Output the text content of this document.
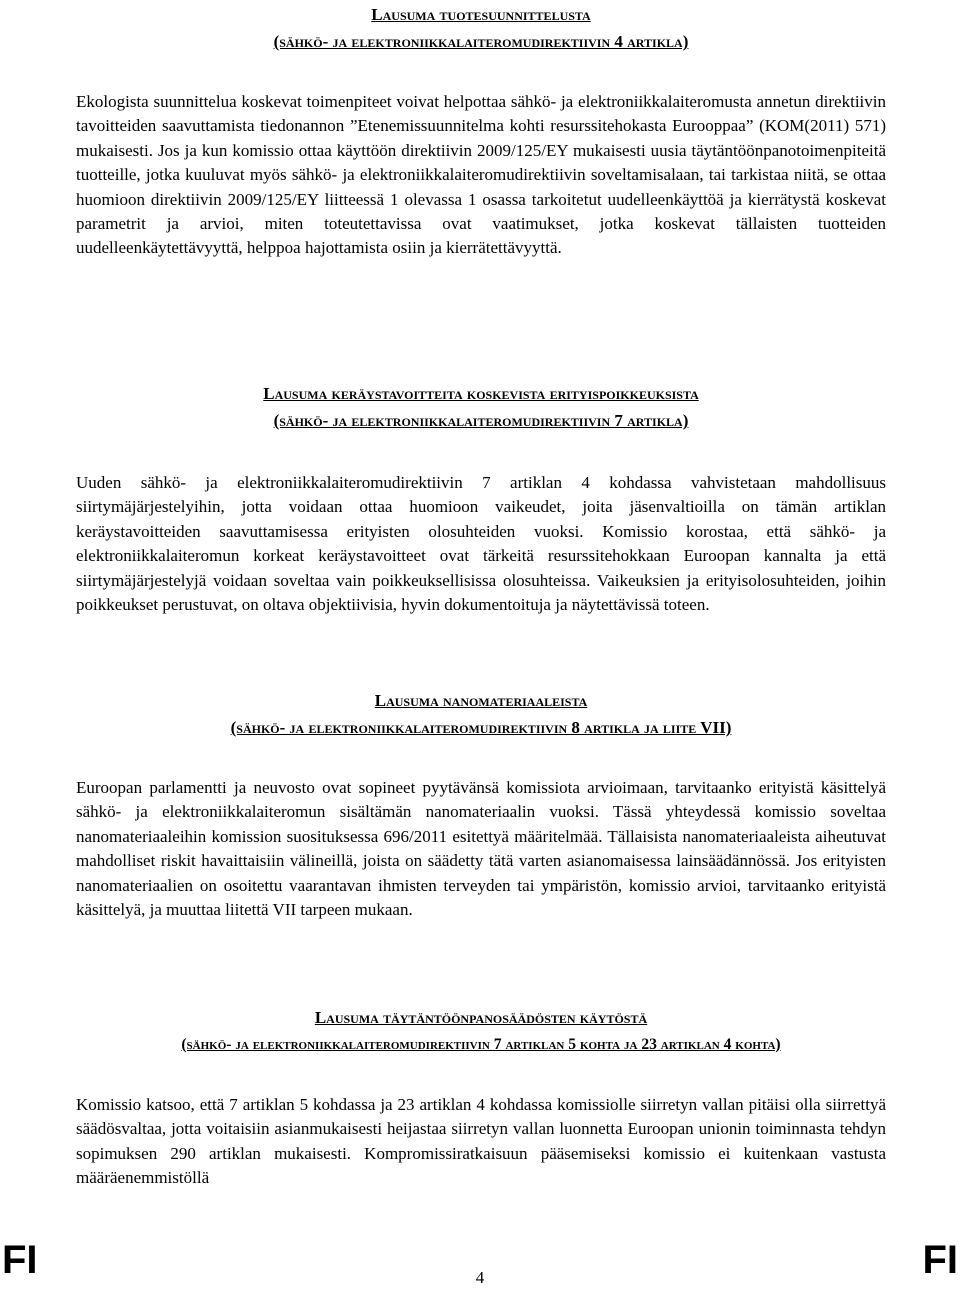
Lausuma tuotesuunnittelusta
(sähkö- ja elektroniikkalaiteromudirektiivin 4 artikla)

Ekologista suunnittelua koskevat toimenpiteet voivat helpottaa sähkö- ja elektroniikkalaiteromusta annetun direktiivin tavoitteiden saavuttamista tiedonannon ”Etenemissuunnitelma kohti resurssitehokasta Eurooppaa” (KOM(2011) 571) mukaisesti. Jos ja kun komissio ottaa käyttöön direktiivin 2009/125/EY mukaisesti uusia täytäntöönpanotoimenpiteitä tuotteille, jotka kuuluvat myös sähkö- ja elektroniikkalaiteromudirektiivin soveltamisalaan, tai tarkistaa niitä, se ottaa huomioon direktiivin 2009/125/EY liitteessä 1 olevassa 1 osassa tarkoitetut uudelleenkäyttöä ja kierrätystä koskevat parametrit ja arvioi, miten toteutettavissa ovat vaatimukset, jotka koskevat tällaisten tuotteiden uudelleenkäytettävyyttä, helppoa hajottamista osiin ja kierrätettävyyttä.

Lausuma keräystavoitteita koskevista erityispoikkeuksista
(sähkö- ja elektroniikkalaiteromudirektiivin 7 artikla)

Uuden sähkö- ja elektroniikkalaiteromudirektiivin 7 artiklan 4 kohdassa vahvistetaan mahdollisuus siirtymäjärjestelyihin, jotta voidaan ottaa huomioon vaikeudet, joita jäsenvaltioilla on tämän artiklan keräystavoitteiden saavuttamisessa erityisten olosuhteiden vuoksi. Komissio korostaa, että sähkö- ja elektroniikkalaiteromun korkeat keräystavoitteet ovat tärkeitä resurssitehokkaan Euroopan kannalta ja että siirtymäjärjestelyjä voidaan soveltaa vain poikkeuksellisissa olosuhteissa. Vaikeuksien ja erityisolosuhteiden, joihin poikkeukset perustuvat, on oltava objektiivisia, hyvin dokumentoituja ja näytettävissä toteen.

Lausuma nanomateriaaleista
(sähkö- ja elektroniikkalaiteromudirektiivin 8 artikla ja liite VII)

Euroopan parlamentti ja neuvosto ovat sopineet pyytävänsä komissiota arvioimaan, tarvitaanko erityistä käsittelyä sähkö- ja elektroniikkalaiteromun sisältämän nanomateriaalin vuoksi. Tässä yhteydessä komissio soveltaa nanomateriaaleihin komission suosituksessa 696/2011 esitettyä määritelmää. Tällaisista nanomateriaaleista aiheutuvat mahdolliset riskit havaittaisiin välineillä, joista on säädetty tätä varten asianomaisessa lainsäädännössä. Jos erityisten nanomateriaalien on osoitettu vaarantavan ihmisten terveyden tai ympäristön, komissio arvioi, tarvitaanko erityistä käsittelyä, ja muuttaa liitettä VII tarpeen mukaan.

Lausuma täytäntöönpanosäädösten käytöstä
(sähkö- ja elektroniikkalaiteromudirektiivin 7 artiklan 5 kohta ja 23 artiklan 4 kohta)

Komissio katsoo, että 7 artiklan 5 kohdassa ja 23 artiklan 4 kohdassa komissiolle siirretyn vallan pitäisi olla siirrettyä säädösvaltaa, jotta voitaisiin asianmukaisesti heijastaa siirretyn vallan luonnetta Euroopan unionin toiminnasta tehdyn sopimuksen 290 artiklan mukaisesti. Kompromissiratkaisuun pääsemiseksi komissio ei kuitenkaan vastusta määräenemmistöllä

FI	4	FI
